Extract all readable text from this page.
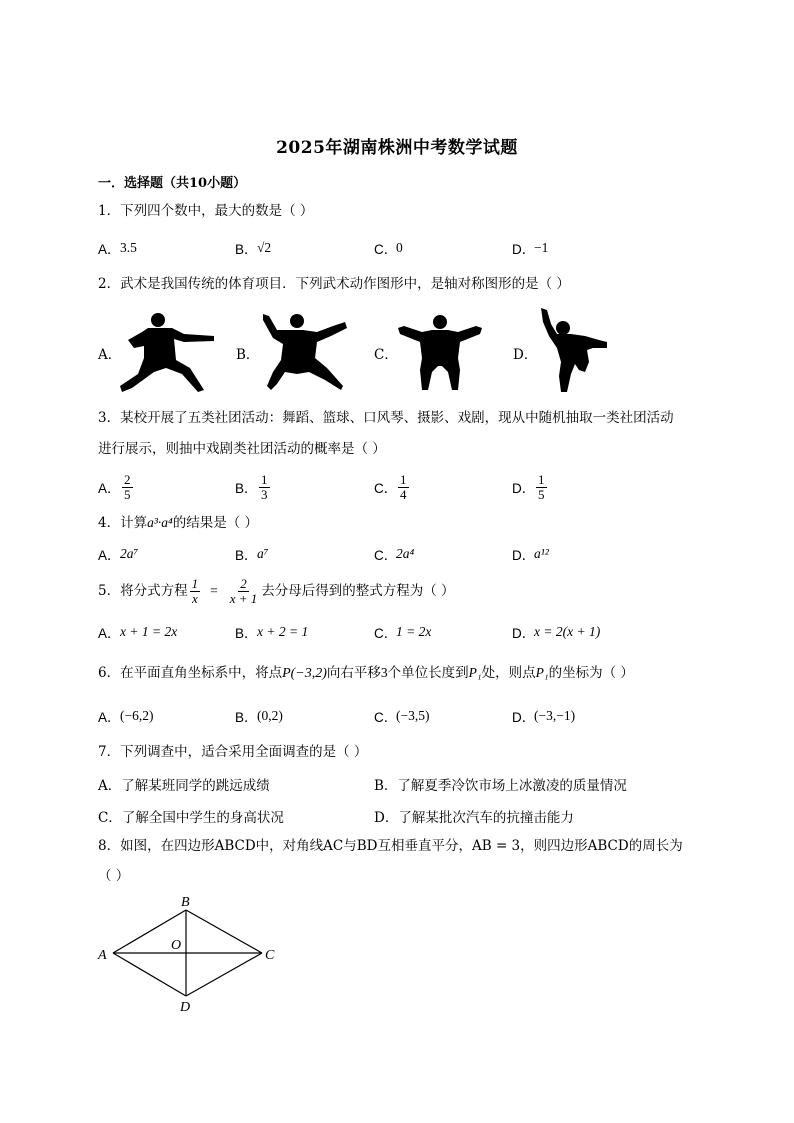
2025年湖南株洲中考数学试题
一．选择题（共10小题）
1．下列四个数中，最大的数是（ ）
A． 3.5	B． √2	C．
0	D．
−1
2．武术是我国传统的体育项目．下列武术动作图形中，是轴对称图形的是（ ）
A．	B．	C．	D．
3．某校开展了五类社团活动：舞蹈、篮球、口风琴、摄影、戏剧，现从中随机抽取一类社团活动
进行展示，则抽中戏剧类社团活动的概率是（ ）
A． $\frac{2}{5}$	B． $\frac{1}{3}$	C． $\frac{1}{4}$	D． $\frac{1}{5}$
4．计算a³·a⁴的结果是（ ）
A． 2a⁷	B． a⁷	C．
2a⁴	D．
a¹²
5．将分式方程 $\frac{1}{x} = \frac{2}{x + 1}$ 去分母后得到的整式方程为（ ）
A． x + 1 = 2x	B． x + 2 = 1	C．
1 = 2x	D．
x = 2(x + 1)
6．在平面直角坐标系中，将点P(−3,2)向右平移3个单位长度到P₁处，则点P₁的坐标为（ ）
A． (−6,2)	B． (0,2)	C．
(−3,5)	D．
(−3,−1)
7．下列调查中，适合采用全面调查的是（ ）
A．了解某班同学的跳远成绩	B．了解夏季冷饮市场上冰激凌的质量情况
C．了解全国中学生的身高状况	D．了解某批次汽车的抗撞击能力
8．如图，在四边形ABCD中，对角线AC与BD互相垂直平分，AB = 3，则四边形ABCD的周长为
（ ）
A
B
C
D
O
